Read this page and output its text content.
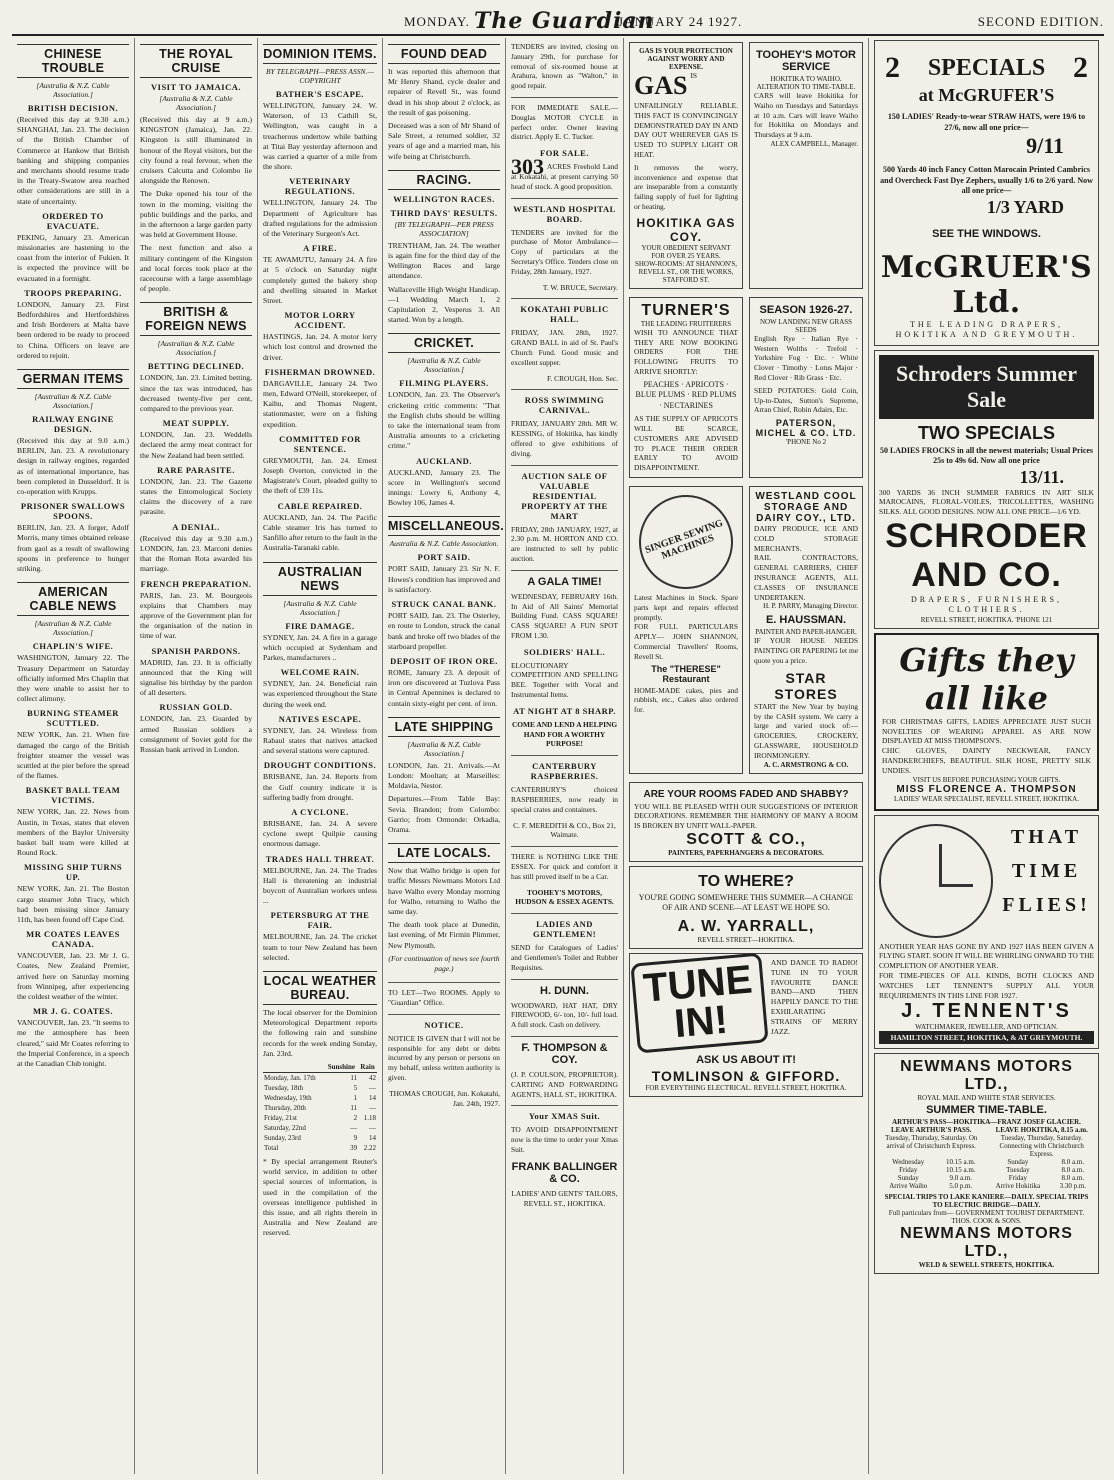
MONDAY. The Guardian
JANUARY 24 1927.	SECOND EDITION.
CHINESE TROUBLE
[Australia & N.Z. Cable Association.]
BRITISH DECISION.

(Received this day at 9.30 a.m.) SHANGHAI, Jan. 23. The decision of the British Chamber of Commerce at Hankow that British banking and shipping companies and merchants should resume trade in the Treaty-Swatow area reached other considerations are still in a state of uncertainty.

ORDERED TO EVACUATE.

PEKING, January 23. American missionaries are hastening to the coast from the interior of Fukien. It is expected the province will be evacuated in a fortnight.

TROOPS PREPARING.

LONDON, January 23. First Bedfordshires and Hertfordshires and Irish Borderers at Malta have been ordered to be ready to proceed to China. Officers on leave are ordered to rejoin.

GERMAN ITEMS
[Australian & N.Z. Cable Association.]
RAILWAY ENGINE DESIGN.

(Received this day at 9.0 a.m.) BERLIN, Jan. 23. A revolutionary design in railway engines, regarded as of international importance, has been completed in Dusseldorf. It is co-operation with Krupps.

PRISONER SWALLOWS SPOONS.

BERLIN, Jan. 23. A forger, Adolf Morris, many times obtained release from gaol as a result of swallowing spoons in preference to hunger striking.

AMERICAN CABLE NEWS
[Australian & N.Z. Cable Association.]
CHAPLIN'S WIFE.

WASHINGTON, January 22. The Treasury Department on Saturday officially informed Mrs Chaplin that they were unable to assist her to collect alimony.

BURNING STEAMER SCUTTLED.

NEW YORK, Jan. 21. When fire damaged the cargo of the British freighter steamer the vessel was scuttled at the pier before the spread of the flames.

BASKET BALL TEAM VICTIMS.

NEW YORK, Jan. 22. News from Austin, in Texas, states that eleven members of the Baylor University basket ball team were killed at Round Rock.

MISSING SHIP TURNS UP.

NEW YORK, Jan. 21. The Boston cargo steamer John Tracy, which had been missing since January 11th, has been found off Cape Cod.

MR COATES LEAVES CANADA.

VANCOUVER, Jan. 23. Mr J. G. Coates, New Zealand Premier, arrived here on Saturday morning from Winnipeg, after experiencing the coldest weather of the winter.

MR J. G. COATES.

VANCOUVER, Jan. 23. "It seems to me the atmosphere has been cleared," said Mr Coates referring to the Imperial Conference, in a speech at the Canadian Club tonight.

THE ROYAL CRUISE
VISIT TO JAMAICA.
[Australia & N.Z. Cable Association.]

(Received this day at 9 a.m.) KINGSTON (Jamaica), Jan. 22. Kingston is still illuminated in honour of the Royal visitors, but the city found a real fervour, when the cruisers Calcutta and Colombo lie alongside the Renown.

The Duke opened his tour of the town in the morning, visiting the public buildings and the parks, and in the afternoon a large garden party was held at Government House.

The next function and also a military contingent of the Kingston and local forces took place at the racecourse with a large assemblage of people.

BRITISH & FOREIGN NEWS
[Australian & N.Z. Cable Association.]
BETTING DECLINED.

LONDON, Jan. 23. Limited betting, since the tax was introduced, has decreased twenty-five per cent, compared to the previous year.

MEAT SUPPLY.

LONDON, Jan. 23. Weddells declared the army meat contract for the New Zealand had been settled.

RARE PARASITE.

LONDON, Jan. 23. The Gazette states the Entomological Society claims the discovery of a rare parasite.

A DENIAL.

(Received this day at 9.30 a.m.) LONDON, Jan. 23. Marconi denies that the Roman Rota awarded his marriage.

FRENCH PREPARATION.

PARIS, Jan. 23. M. Bourgeois explains that Chambers may approve of the Government plan for the organisation of the nation in time of war.

SPANISH PARDONS.

MADRID, Jan. 23. It is officially announced that the King will signalise his birthday by the pardon of all deserters.

RUSSIAN GOLD.

LONDON, Jan. 23. Guarded by armed Russian soldiers a consignment of Soviet gold for the Russian bank arrived in London.

DOMINION ITEMS.
BY TELEGRAPH—PRESS ASSN.—COPYRIGHT
BATHER'S ESCAPE.

WELLINGTON, January 24. W. Waterson, of 13 Cathill St, Wellington, was caught in a treacherous undertow while bathing at Titai Bay yesterday afternoon and was carried a quarter of a mile from the shore.

VETERINARY REGULATIONS.

WELLINGTON, January 24. The Department of Agriculture has drafted regulations for the admission of the Veterinary Surgeon's Act.

A FIRE.

TE AWAMUTU, January 24. A fire at 5 o'clock on Saturday night completely gutted the bakery shop and dwelling situated in Market Street.

MOTOR LORRY ACCIDENT.

HASTINGS, Jan. 24. A motor lorry which lost control and drowned the driver.

FISHERMAN DROWNED.

DARGAVILLE, January 24. Two men, Edward O'Neill, storekeeper, of Kaihu, and Thomas Nugent, stationmaster, were on a fishing expedition.

COMMITTED FOR SENTENCE.

GREYMOUTH, Jan. 24. Ernest Joseph Overton, convicted in the Magistrate's Court, pleaded guilty to the theft of £39 11s.

CABLE REPAIRED.

AUCKLAND, Jan. 24. The Pacific Cable steamer Iris has turned to Sanfillo after return to the fault in the Australia-Taranaki cable.

AUSTRALIAN NEWS
[Australia & N.Z. Cable Association.]
FIRE DAMAGE.

SYDNEY, Jan. 24. A fire in a garage which occupied at Sydenham and Parkes, manufacturers ..

WELCOME RAIN.

SYDNEY, Jan. 24. Beneficial rain was experienced throughout the State during the week end.

NATIVES ESCAPE.

SYDNEY, Jan. 24. Wireless from Rabaul states that natives attacked and several stations were captured.

DROUGHT CONDITIONS.

BRISBANE, Jan. 24. Reports from the Gulf country indicate it is suffering badly from drought.

A CYCLONE.

BRISBANE, Jan. 24. A severe cyclone swept Quilpie causing enormous damage.

TRADES HALL THREAT.

MELBOURNE, Jan. 24. The Trades Hall is threatening an industrial boycott of Australian workers unless ...

PETERSBURG AT THE FAIR.

MELBOURNE, Jan. 24. The cricket team to tour New Zealand has been selected.

LOCAL WEATHER BUREAU.

The local observer for the Dominion Meteorological Department reports the following rain and sunshine records for the week ending Sunday, Jan. 23rd.

	Sunshine	Rain
Monday, Jan. 17th	11	42
Tuesday, 18th	5	—
Wednesday, 19th	1	14
Thursday, 20th	11	—
Friday, 21st	2	1.18
Saturday, 22nd	—	—
Sunday, 23rd	9	14
Total	39	2.22

* By special arrangement Reuter's world service, in addition to other special sources of information, is used in the compilation of the overseas intelligence published in this issue, and all rights therein in Australia and New Zealand are reserved.

FOUND DEAD

It was reported this afternoon that Mr Henry Shand, cycle dealer and repairer of Revell St., was found dead in his shop about 2 o'clock, as the result of gas poisoning.

Deceased was a son of Mr Shand of Sale Street, a returned soldier, 32 years of age and a married man, his wife being at Christchurch.

RACING.
WELLINGTON RACES.
THIRD DAYS' RESULTS.
[BY TELEGRAPH—PER PRESS ASSOCIATION]

TRENTHAM, Jan. 24. The weather is again fine for the third day of the Wellington Races and large attendance.

Wallaceville High Weight Handicap.—1 Wedding March 1, 2 Capitulation 2, Vesperus 3. All started. Won by a length.

CRICKET.
[Australia & N.Z. Cable Association.]
FILMING PLAYERS.

LONDON, Jan. 23. The Observer's cricketing critic comments: "That the English clubs should be willing to take the international team from Australia amounts to a cricketing crime."

AUCKLAND.

AUCKLAND, January 23. The score in Wellington's second innings: Lowry 6, Anthony 4, Bowley 106, James 4.

MISCELLANEOUS.
Australia & N.Z. Cable Association.
PORT SAID.

PORT SAID, January 23. Sir N. F. Howes's condition has improved and is satisfactory.

STRUCK CANAL BANK.

PORT SAID, Jan. 23. The Osterley, en route to London, struck the canal bank and broke off two blades of the starboard propeller.

DEPOSIT OF IRON ORE.

ROME, January 23. A deposit of iron ore discovered at Tuzlova Pass in Central Apennines is declared to contain sixty-eight per cent. of iron.

LATE SHIPPING
[Australia & N.Z. Cable Association.]

LONDON, Jan. 21. Arrivals.—At London: Mooltan; at Marseilles: Moldavia, Nestor.

Departures.—From Table Bay: Sevia. Brandon; from Colombo: Garrio; from Ormonde: Orkadia, Orama.

LATE LOCALS.

Now that Walho bridge is open for traffic Messrs Newmans Motors Ltd have Walho every Monday morning for Walho, returning to Walho the same day.

The death took place at Dunedin, last evening, of Mr Firmin Plimmer, New Plymouth.

(For continuation of news see fourth page.)

TO LET—Two ROOMS. Apply to "Guardian" Office.
NOTICE.
NOTICE IS GIVEN that I will not be responsible for any debt or debts incurred by any person or persons on my behalf, unless written authority is given.
THOMAS CROUGH, Jun. Kokatahi, Jan. 24th, 1927.
TENDERS are invited, closing on January 29th, for purchase for removal of six-roomed house at Arahura, known as "Walton," in good repair.
FOR IMMEDIATE SALE.—Douglas MOTOR CYCLE in perfect order. Owner leaving district. Apply E. C. Tucker.
FOR SALE.
303 ACRES Freehold Land at Kokatahi, at present carrying 50 head of stock. A good proposition.
WESTLAND HOSPITAL BOARD.
TENDERS are invited for the purchase of Motor Ambulance—Copy of particulars at the Secretary's Office. Tenders close on Friday, 28th January, 1927.
T. W. BRUCE, Secretary.
KOKATAHI PUBLIC HALL.
FRIDAY, JAN. 28th, 1927. GRAND BALL in aid of St. Paul's Church Fund. Good music and excellent supper.
F. CROUGH, Hon. Sec.
ROSS SWIMMING CARNIVAL.
FRIDAY, JANUARY 28th. MR W. KESSING, of Hokitika, has kindly offered to give exhibitions of diving.
AUCTION SALE OF VALUABLE RESIDENTIAL PROPERTY AT THE MART
FRIDAY, 28th JANUARY, 1927, at 2.30 p.m. M. HORTON AND CO. are instructed to sell by public auction.
A GALA TIME!
WEDNESDAY, FEBRUARY 16th. In Aid of All Saints' Memorial Building Fund. CASS SQUARE! CASS SQUARE! A FUN SPOT FROM 1.30.
SOLDIERS' HALL.
ELOCUTIONARY COMPETITION AND SPELLING BEE. Together with Vocal and Instrumental Items.
AT NIGHT AT 8 SHARP.
COME AND LEND A HELPING HAND FOR A WORTHY PURPOSE!
CANTERBURY RASPBERRIES.
CANTERBURY'S choicest RASPBERRIES, now ready in special crates and containers.
C. F. MEREDITH & CO., Box 21, Waimate.
THERE is NOTHING LIKE THE ESSEX. For quick and comfort it has still proved itself to be a Car.
TOOHEY'S MOTORS, HUDSON & ESSEX AGENTS.
LADIES AND GENTLEMEN!
SEND for Catalogues of Ladies' and Gentlemen's Toilet and Rubber Requisites.
H. DUNN.
WOODWARD, HAT HAT, DRY FIREWOOD, 6/- ton, 10/- full load. A full stock. Cash on delivery.
F. THOMPSON & COY.
(J. P. COULSON, PROPRIETOR). CARTING AND FORWARDING AGENTS, HALL ST., HOKITIKA.
Your XMAS Suit.
TO AVOID DISAPPOINTMENT now is the time to order your Xmas Suit.
FRANK BALLINGER & CO.
LADIES' AND GENTS' TAILORS, REVELL ST., HOKITIKA.
GAS IS YOUR PROTECTION AGAINST WORRY AND EXPENSE.
GAS IS UNFAILINGLY RELIABLE. THIS FACT IS CONVINCINGLY DEMONSTRATED DAY IN AND DAY OUT WHEREVER GAS IS USED TO SUPPLY LIGHT OR HEAT.
It removes the worry, inconvenience and expense that are inseparable from a constantly failing supply of fuel for lighting or heating.
HOKITIKA GAS COY.
YOUR OBEDIENT SERVANT FOR OVER 25 YEARS.
SHOW-ROOMS: AT SHANNON'S, REVELL ST., OR THE WORKS, STAFFORD ST.
TOOHEY'S MOTOR SERVICE
HOKITIKA TO WAIHO.
ALTERATION TO TIME-TABLE.
CARS will leave Hokitika for Waiho on Tuesdays and Saturdays at 10 a.m. Cars will leave Waiho for Hokitika on Mondays and Thursdays at 9 a.m.
ALEX CAMPBELL, Manager.
TURNER'S
THE LEADING FRUITERERS
WISH TO ANNOUNCE THAT THEY ARE NOW BOOKING ORDERS FOR THE FOLLOWING FRUITS TO ARRIVE SHORTLY:
PEACHES · APRICOTS · BLUE PLUMS · RED PLUMS · NECTARINES
AS THE SUPPLY OF APRICOTS WILL BE SCARCE, CUSTOMERS ARE ADVISED TO PLACE THEIR ORDER EARLY TO AVOID DISAPPOINTMENT.
SEASON 1926-27.
NOW LANDING NEW GRASS SEEDS
English Rye · Italian Rye · Western Wolths · Trefoil · Yorkshire Fog · Etc. · White Clover · Timothy · Lotus Major · Red Clover · Rib Grass · Etc.
SEED POTATOES: Gold Coin, Up-to-Dates, Sutton's Supreme, Arran Chief, Robin Adairs, Etc.
PATERSON, MICHEL & CO. LTD.
'PHONE No 2
SINGER SEWING MACHINES
Latest Machines in Stock. Spare parts kept and repairs effected promptly.
FOR FULL PARTICULARS APPLY— JOHN SHANNON, Commercial Travellers' Rooms, Revell St.
The "THERESE" Restaurant
HOME-MADE cakes, pies and rubbish, etc., Cakes also ordered for.
WESTLAND COOL STORAGE AND DAIRY COY., LTD.
DAIRY PRODUCE, ICE AND COLD STORAGE MERCHANTS.
RAIL CONTRACTORS, GENERAL CARRIERS, CHIEF INSURANCE AGENTS, ALL CLASSES OF INSURANCE UNDERTAKEN.
H. P. PARRY, Managing Director.
E. HAUSSMAN.
PAINTER AND PAPER-HANGER.
IF YOUR HOUSE NEEDS PAINTING OR PAPERING let me quote you a price.
STAR STORES
START the New Year by buying by the CASH system. We carry a large and varied stock of:— GROCERIES, CROCKERY, GLASSWARE, HOUSEHOLD IRONMONGERY.
A. C. ARMSTRONG & CO.
ARE YOUR ROOMS FADED AND SHABBY?
YOU WILL BE PLEASED WITH OUR SUGGESTIONS OF INTERIOR DECORATIONS. REMEMBER THE HARMONY OF MANY A ROOM IS BROKEN BY UNFIT WALL-PAPER.
SCOTT & CO.,
PAINTERS, PAPERHANGERS & DECORATORS.
TO WHERE?
YOU'RE GOING SOMEWHERE THIS SUMMER—A CHANGE OF AIR AND SCENE—AT LEAST WE HOPE SO.
A. W. YARRALL,
REVELL STREET—HOKITIKA.
TUNE IN!
AND DANCE TO RADIO! TUNE IN TO YOUR FAVOURITE DANCE BAND—AND THEN HAPPILY DANCE TO THE EXHILARATING STRAINS OF MERRY JAZZ.
ASK US ABOUT IT!
TOMLINSON & GIFFORD.
FOR EVERYTHING ELECTRICAL. REVELL STREET, HOKITIKA.
2 SPECIALS 2
at McGRUFER'S
150 LADIES' Ready-to-wear STRAW HATS, were 19/6 to 27/6, now all one price—
9/11
500 Yards 40 inch Fancy Cotton Marocain Printed Cambrics and Overcheck Fast Dye Zephers, usually 1/6 to 2/6 yard. Now all one price—
1/3 YARD
SEE THE WINDOWS.
McGRUER'S Ltd.
THE LEADING DRAPERS,
HOKITIKA AND GREYMOUTH.
Schroders Summer Sale
TWO SPECIALS
50 LADIES FROCKS in all the newest materials; Usual Prices 25s to 49s 6d. Now all one price
13/11.
300 YARDS 36 INCH SUMMER FABRICS IN ART SILK MAROCAINS, FLORAL-VOILES, TRICOLLETTES, WASHING SILKS. ALL GOOD DESIGNS. NOW ALL ONE PRICE—1/6 YD.
SCHRODER AND CO.
DRAPERS, FURNISHERS, CLOTHIERS.
REVELL STREET, HOKITIKA. 'PHONE 121
Gifts they all like
FOR CHRISTMAS GIFTS, LADIES APPRECIATE JUST SUCH NOVELTIES OF WEARING APPAREL AS ARE NOW DISPLAYED AT MISS THOMPSON'S.
CHIC GLOVES, DAINTY NECKWEAR, FANCY HANDKERCHIEFS, BEAUTIFUL SILK HOSE, PRETTY SILK UNDIES.
VISIT US BEFORE PURCHASING YOUR GIFTS.
MISS FLORENCE A. THOMPSON
LADIES' WEAR SPECIALIST, REVELL STREET, HOKITIKA.
THAT
TIME
FLIES!
ANOTHER YEAR HAS GONE BY AND 1927 HAS BEEN GIVEN A FLYING START. SOON IT WILL BE WHIRLING ONWARD TO THE COMPLETION OF ANOTHER YEAR.
FOR TIME-PIECES OF ALL KINDS, BOTH CLOCKS AND WATCHES LET TENNENT'S SUPPLY ALL YOUR REQUIREMENTS IN THIS LINE FOR 1927.
J. TENNENT'S
WATCHMAKER, JEWELLER, AND OPTICIAN.
HAMILTON STREET, HOKITIKA, & AT GREYMOUTH.
NEWMANS MOTORS LTD.,
ROYAL MAIL AND WHITE STAR SERVICES.
SUMMER TIME-TABLE.
ARTHUR'S PASS—HOKITIKA—FRANZ JOSEF GLACIER.
LEAVE ARTHUR'S PASS.
Tuesday, Thursday, Saturday. On arrival of Christchurch Express.
LEAVE HOKITIKA, 8.15 a.m.
Tuesday, Thursday, Saturday. Connecting with Christchurch Express.
Wednesday	10.15 a.m.	Sunday	8.0 a.m.
Friday	10.15 a.m.	Tuesday	8.0 a.m.
Sunday	9.0 a.m.	Friday	8.0 a.m.
Arrive Waiho	5.0 p.m.	Arrive Hokitika	3.30 p.m.
SPECIAL TRIPS TO LAKE KANIERE—DAILY. SPECIAL TRIPS TO ELECTRIC BRIDGE—DAILY.
Full particulars from— GOVERNMENT TOURIST DEPARTMENT. THOS. COOK & SONS.
NEWMANS MOTORS LTD.,
WELD & SEWELL STREETS, HOKITIKA.
